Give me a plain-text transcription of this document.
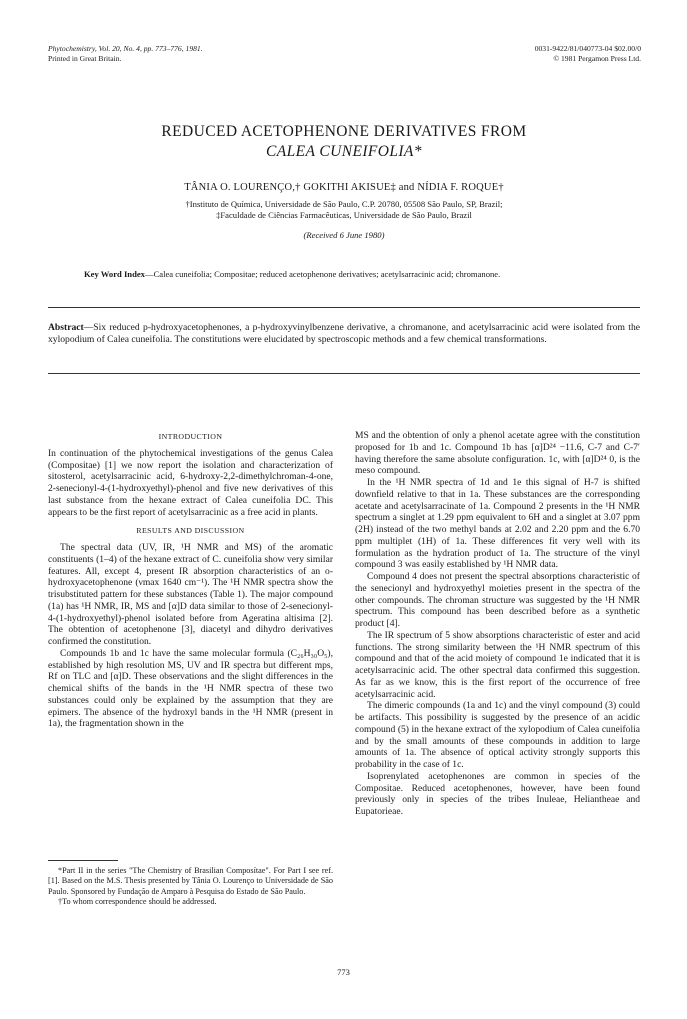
Phytochemistry, Vol. 20, No. 4, pp. 773–776, 1981.
Printed in Great Britain.
0031-9422/81/040773-04 $02.00/0
© 1981 Pergamon Press Ltd.
REDUCED ACETOPHENONE DERIVATIVES FROM
CALEA CUNEIFOLIA*
TÂNIA O. LOURENÇO,† GOKITHI AKISUE‡ and NÍDIA F. ROQUE†
†Instituto de Química, Universidade de São Paulo, C.P. 20780, 05508 São Paulo, SP, Brazil;
‡Faculdade de Ciências Farmacêuticas, Universidade de São Paulo, Brazil
(Received 6 June 1980)
Key Word Index—Calea cuneifolia; Compositae; reduced acetophenone derivatives; acetylsarracinic acid; chromanone.
Abstract—Six reduced p-hydroxyacetophenones, a p-hydroxyvinylbenzene derivative, a chromanone, and acetylsarracinic acid were isolated from the xylopodium of Calea cuneifolia. The constitutions were elucidated by spectroscopic methods and a few chemical transformations.
INTRODUCTION

In continuation of the phytochemical investigations of the genus Calea (Compositae) [1] we now report the isolation and characterization of sitosterol, acetylsarracinic acid, 6-hydroxy-2,2-dimethylchroman-4-one, 2-senecionyl-4-(1-hydroxyethyl)-phenol and five new derivatives of this last substance from the hexane extract of Calea cuneifolia DC. This appears to be the first report of acetylsarracinic as a free acid in plants.

RESULTS AND DISCUSSION

The spectral data (UV, IR, ¹H NMR and MS) of the aromatic constituents (1–4) of the hexane extract of C. cuneifolia show very similar features. All, except 4, present IR absorption characteristics of an o-hydroxyacetophenone (νmax 1640 cm⁻¹). The ¹H NMR spectra show the trisubstituted pattern for these substances (Table 1). The major compound (1a) has ¹H NMR, IR, MS and [α]D data similar to those of 2-senecionyl-4-(1-hydroxyethyl)-phenol isolated before from Ageratina altisima [2]. The obtention of acetophenone [3], diacetyl and dihydro derivatives confirmed the constitution.

Compounds 1b and 1c have the same molecular formula (C₂₆H₃₀O₅), established by high resolution MS, UV and IR spectra but different mps, Rf on TLC and [α]D. These observations and the slight differences in the chemical shifts of the bands in the ¹H NMR spectra of these two substances could only be explained by the assumption that they are epimers. The absence of the hydroxyl bands in the ¹H NMR (present in 1a), the fragmentation shown in the

MS and the obtention of only a phenol acetate agree with the constitution proposed for 1b and 1c. Compound 1b has [α]D²⁴ −11.6, C-7 and C-7′ having therefore the same absolute configuration. 1c, with [α]D²⁴ 0, is the meso compound.

In the ¹H NMR spectra of 1d and 1e this signal of H-7 is shifted downfield relative to that in 1a. These substances are the corresponding acetate and acetylsarracinate of 1a. Compound 2 presents in the ¹H NMR spectrum a singlet at 1.29 ppm equivalent to 6H and a singlet at 3.07 ppm (2H) instead of the two methyl bands at 2.02 and 2.20 ppm and the 6.70 ppm multiplet (1H) of 1a. These differences fit very well with its formulation as the hydration product of 1a. The structure of the vinyl compound 3 was easily established by ¹H NMR data.

Compound 4 does not present the spectral absorptions characteristic of the senecionyl and hydroxyethyl moieties present in the spectra of the other compounds. The chroman structure was suggested by the ¹H NMR spectrum. This compound has been described before as a synthetic product [4].

The IR spectrum of 5 show absorptions characteristic of ester and acid functions. The strong similarity between the ¹H NMR spectrum of this compound and that of the acid moiety of compound 1e indicated that it is acetylsarracinic acid. The other spectral data confirmed this suggestion. As far as we know, this is the first report of the occurrence of free acetylsarracinic acid.

The dimeric compounds (1a and 1c) and the vinyl compound (3) could be artifacts. This possibility is suggested by the presence of an acidic compound (5) in the hexane extract of the xylopodium of Calea cuneifolia and by the small amounts of these compounds in addition to large amounts of 1a. The absence of optical activity strongly supports this probability in the case of 1c.

Isoprenylated acetophenones are common in species of the Compositae. Reduced acetophenones, however, have been found previously only in species of the tribes Inuleae, Heliantheae and Eupatorieae.

*Part II in the series "The Chemistry of Brasilian Composítae". For Part I see ref. [1]. Based on the M.S. Thesis presented by Tânia O. Lourenço to Universidade de São Paulo. Sponsored by Fundação de Amparo à Pesquisa do Estado de São Paulo.

†To whom correspondence should be addressed.

773
